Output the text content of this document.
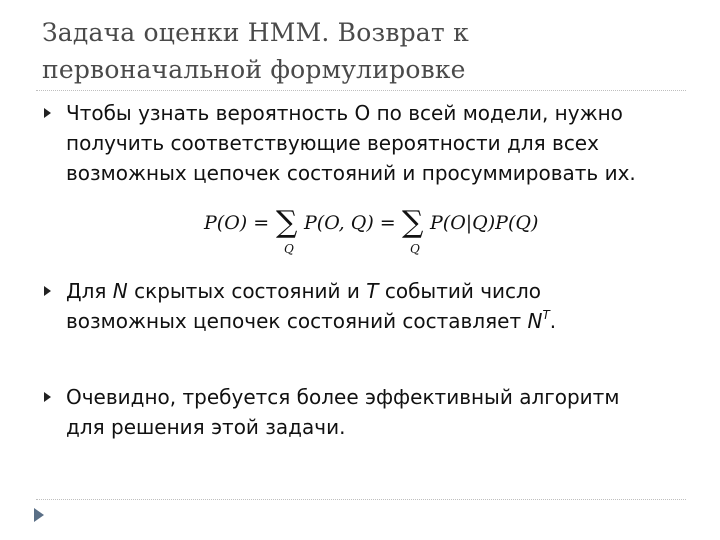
Задача оценки HMM. Возврат к
первоначальной формулировке
Чтобы узнать вероятность O по всей модели, нужно
получить соответствующие вероятности для всех
возможных цепочек состояний и просуммировать их.
P(O) = ∑
Q
P(O, Q) = ∑
Q
P(O|Q)P(Q)
Для N скрытых состояний и T событий число
возможных цепочек состояний составляет $N^T$.
Очевидно, требуется более эффективный алгоритм
для решения этой задачи.
